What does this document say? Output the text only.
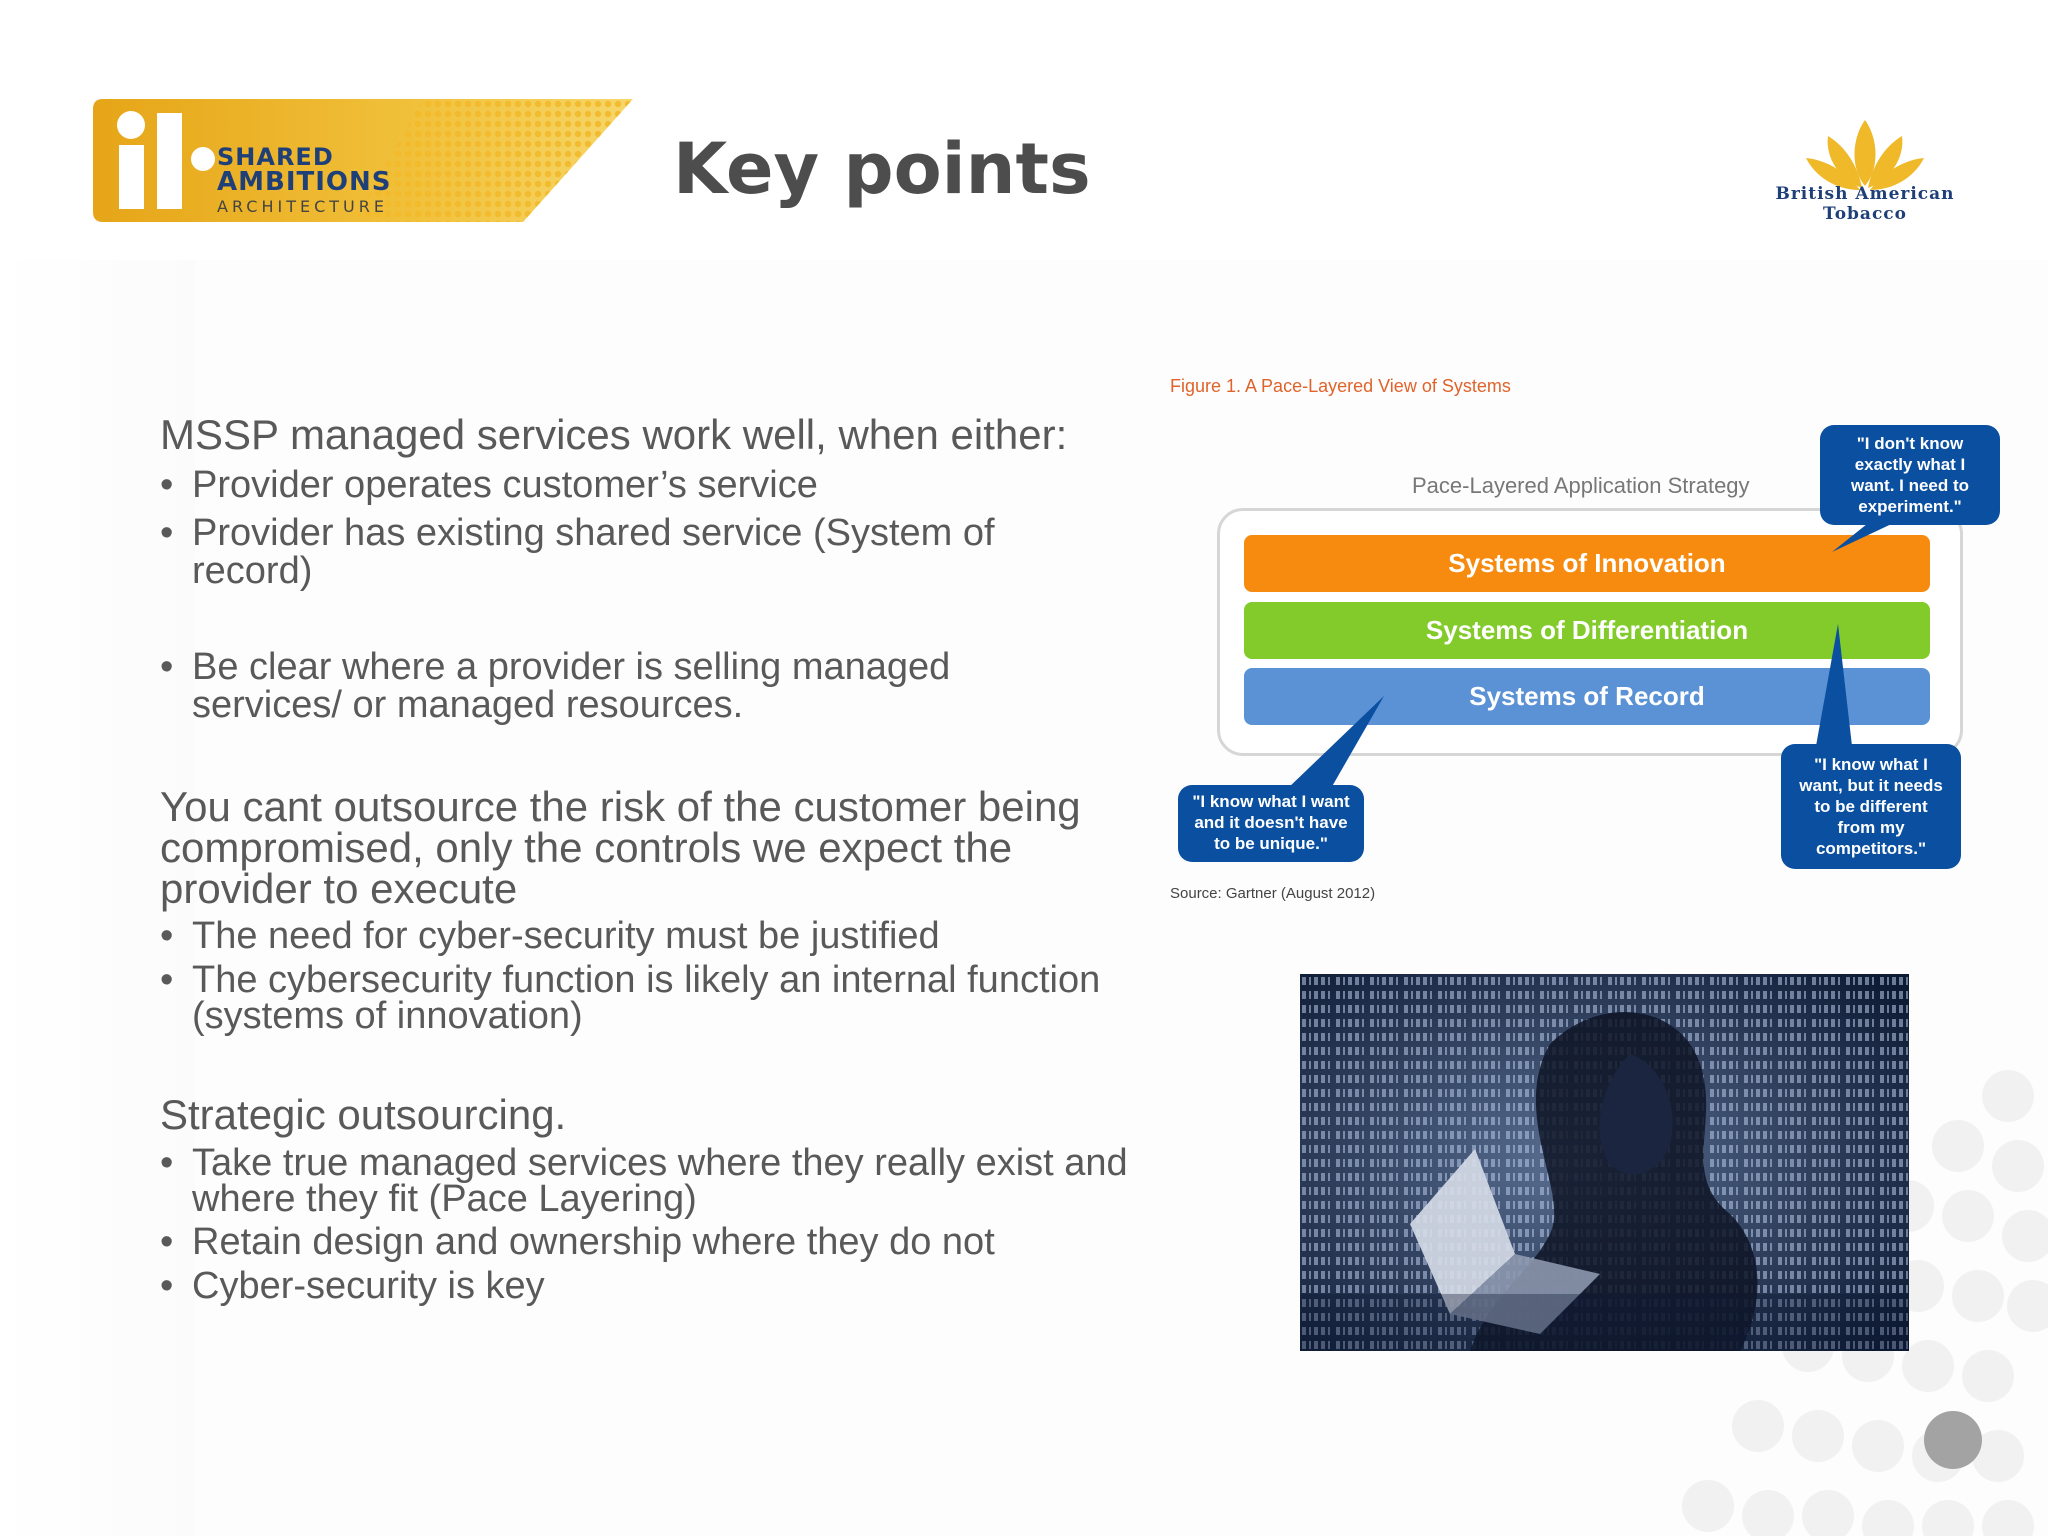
SHARED
AMBITIONS
ARCHITECTURE	Key points	British American
Tobacco
MSSP managed services work well, when either:
• Provider operates customer’s service
• Provider has existing shared service (System of
record)
• Be clear where a provider is selling managed
services/ or managed resources.
You cant outsource the risk of the customer being
compromised, only the controls we expect the
provider to execute
• The need for cyber-security must be justified
• The cybersecurity function is likely an internal function
(systems of innovation)
Strategic outsourcing.
• Take true managed services where they really exist and
where they fit (Pace Layering)
• Retain design and ownership where they do not
• Cyber-security is key
Figure 1. A Pace-Layered View of Systems
Pace-Layered Application Strategy
Systems of Innovation
Systems of Differentiation
Systems of Record
"I don't know
exactly what I
want. I need to
experiment."
"I know what I want
and it doesn't have
to be unique."
"I know what I
want, but it needs
to be different
from my
competitors."
Source: Gartner (August 2012)
